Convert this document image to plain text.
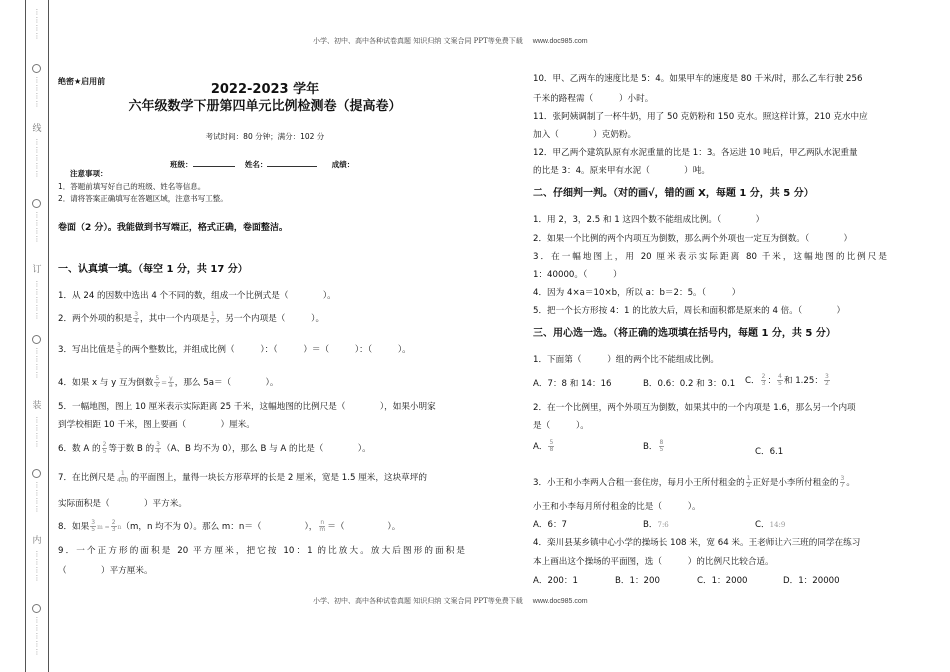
⋮
⋮
⋮
⋮
⋮
⋮
⋮
⋮
线
⋮
⋮
⋮
⋮
⋮
⋮
⋮
⋮
⋮
订
⋮
⋮
⋮
⋮
⋮
⋮
⋮
⋮
⋮
装
⋮
⋮
⋮
⋮
⋮
⋮
⋮
⋮
内
⋮
⋮
⋮
⋮
⋮
⋮
⋮
⋮
⋮
小学、初中、高中各种试卷真题 知识归纳 文案合同 PPT等免费下载 www.doc985.com
小学、初中、高中各种试卷真题 知识归纳 文案合同 PPT等免费下载 www.doc985.com
绝密★启用前
2022-2023 学年
六年级数学下册第四单元比例检测卷（提高卷）
考试时间：80 分钟；满分：102 分
班级：	姓名：	成绩：
注意事项：
1．答题前填写好自己的班级、姓名等信息。
2．请将答案正确填写在答题区域，注意书写工整。
卷面（2 分）。我能做到书写端正，格式正确，卷面整洁。
一、认真填一填。（每空 1 分，共 17 分）
1．从 24 的因数中选出 4 个不同的数，组成一个比例式是（　　　　）。
2．两个外项的积是 $\frac{3}{4}$ ，其中一个内项是 $\frac{1}{2}$ ，另一个内项是（　　　）。
3．写出比值是 $\frac{3}{5}$ 的两个整数比，并组成比例（　　　）：（　　　）＝（　　　）：（　　　）。
4．如果 x 与 y 互为倒数 $\frac{5}{x} = \frac{y}{a}$ ，那么 5a＝（　　　　）。
5．一幅地图，图上 10 厘米表示实际距离 25 千米，这幅地图的比例尺是（　　　　），如果小明家
到学校相距 10 千米，图上要画（　　　　）厘米。
6．数 A 的 $\frac{2}{5}$ 等于数 B 的 $\frac{3}{4} (A$、B 均不为 0），那么 B 与 A 的比是（　　　　）。
7．在比例尺是 $\frac{1}{400}$ 的平面图上，量得一块长方形草坪的长是 2 厘米，宽是 1.5 厘米，这块草坪的
实际面积是（　　　　）平方米。
8．如果 $\frac{3}{5}$ $m = \frac{2}{3} n(m$，n 均不为 0）。那么 m：n＝（　　　　　）， $\frac{n}{m}$ ＝（　　　　　）。
9．一个正方形的面积是 20 平方厘米，把它按 10：1 的比放大。放大后图形的面积是
（　　　　）平方厘米。
10．甲、乙两车的速度比是 5：4。如果甲车的速度是 80 千米/时，那么乙车行驶 256
千米的路程需（　　　）小时。
11．张阿姨调制了一杯牛奶，用了 50 克奶粉和 150 克水。照这样计算，210 克水中应
加入（　　　　）克奶粉。
12．甲乙两个建筑队原有水泥重量的比是 1：3。各运进 10 吨后，甲乙两队水泥重量
的比是 3：4。原来甲有水泥（　　　　）吨。
二、仔细判一判。（对的画√，错的画 X，每题 1 分，共 5 分）
1．用 2，3，2.5 和 1 这四个数不能组成比例。（　　　　）
2．如果一个比例的两个内项互为倒数，那么两个外项也一定互为倒数。（　　　　）
3．在一幅地图上，用 20 厘米表示实际距离 80 千米，这幅地图的比例尺是
1：40000。（　　　）
4．因为 4×a＝10×b，所以 a：b＝2：5。（　　　）
5．把一个长方形按 4：1 的比放大后，周长和面积都是原来的 4 倍。（　　　　）
三、用心选一选。（将正确的选项填在括号内，每题 1 分，共 5 分）
1．下面第（　　　）组的两个比不能组成比例。
A．7：8 和 14：16	B．0.6：0.2 和 3：0.1 C． $\frac{2}{3}$ ： $\frac{4}{5}$ 和 1.25： $\frac{3}{2}$
2．在一个比例里，两个外项互为倒数，如果其中的一个内项是 1.6，那么另一个内项
是（　　　）。
A． $\frac{5}{8}$	B． $\frac{8}{5}$	C．6.1
3．小王和小李两人合租一套住房，每月小王所付租金的 $\frac{1}{2}$ 正好是小李所付租金的 $\frac{3}{7}$ 。
小王和小李每月所付租金的比是（　　　）。
A．6：7	B．7:6	C．14:9
4．栾川县某乡镇中心小学的操场长 108 米，宽 64 米。王老师让六三班的同学在练习
本上画出这个操场的平面图，选（　　　）的比例尺比较合适。
A．200：1	B．1：200	C．1：2000	D．1：20000
